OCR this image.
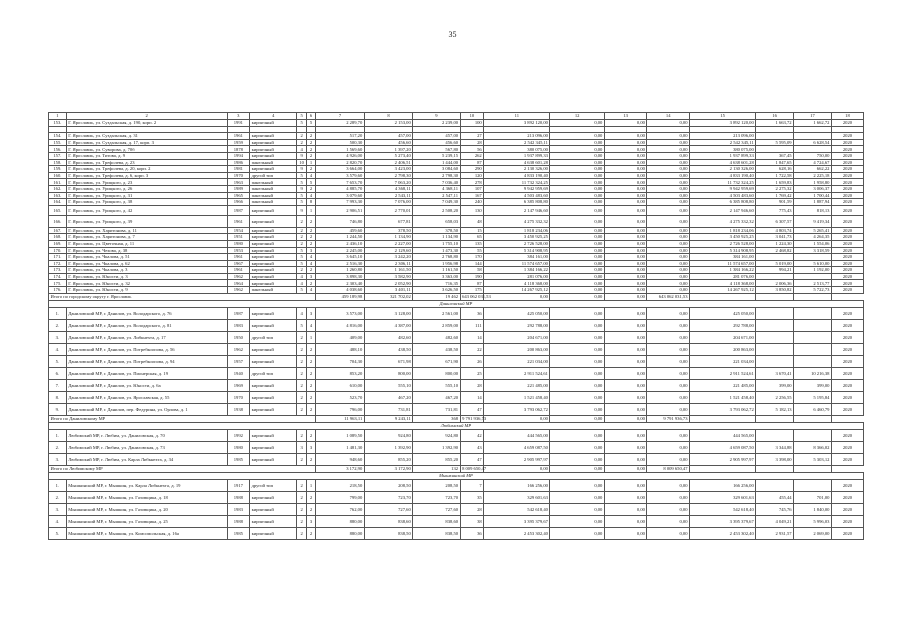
35
1	2	3	4	5	6	7	8	9	10	11	12	13	14	15	16	17	18
153.	Г. Ярославль, ул. Суздальская, д. 190, корп. 2	1991	кирпичный	5	5	2 289,70	2 153,00	2 239,00	100	3 892 120,00	0,00	0,00	0,00	3 892 120,00	1 663,72	1 662,72	2020

154.	Г. Ярославль, ул. Суздальская, д. 31	1961	кирпичный	2	2	517,20	457,00	457,00	27	213 096,00	0,00	0,00	0,00	213 096,00			2020
155.	Г. Ярославль, ул. Суздальская, д. 17, корп. 3	1959	кирпичный	2	2	500,30	456,60	456,60	28	2 542 345,11	0,00	0,00	0,00	2 542 345,11	5 595,09	6 628,54	2020
156.	Г. Ярославль, ул. Суворова, д. 70б	1878	кирпичный	4	2	1 569,60	1 397,20	567,80	56	380 075,00	0,00	0,00	0,00	380 075,00			2020
157.	Г. Ярославль, ул. Титова, д. 9	1994	кирпичный	9	2	4 926,00	5 273,40	5 239,15	262	1 937 899,33	0,00	0,00	0,00	1 937 899,33	367,45	750,00	2020
158.	Г. Ярославль, ул. Трефолева, д. 23	1986	панельный	10	1	2 820,70	2 406,51	1 444,00	87	4 638 601,28	0,00	0,00	0,00	4 638 601,28	1 847,65	4 724,67	2020
159.	Г. Ярославль, ул. Трефолева, д. 20, корп. 2	1981	кирпичный	9	2	3 664,00	3 423,00	3 084,60	290	2 130 326,00	0,00	0,00	0,00	2 130 326,00	628,16	662,22	2020
160.	Г. Ярославль, ул. Трефолева, д. 6, корп. 3	1970	другой тип	5	4	3 579,60	2 798,30	2 798,30	120	4 833 190,40	0,00	0,00	0,00	4 833 190,40	1 722,58	2 225,18	2020
161.	Г. Ярославль, ул. Урицкого, д. 23	1963	панельный	5	5	7 653,70	7 063,20	7 036,40	278	11 732 324,25	0,00	0,00	0,00	11 732 324,25	1 659,83	1 958,80	2020
162.	Г. Ярославль, ул. Урицкого, д. 26	1989	панельный	9	2	4 885,70	4 368,11	4 368,11	107	9 942 959,69	0,00	0,00	0,00	9 942 959,69	2 275,32	3 006,37	2020
163.	Г. Ярославль, ул. Урицкого, д. 31	1965	панельный	5	4	3 079,60	2 543,11	2 547,11	167	4 503 483,60	0,00	0,00	0,00	4 503 483,60	1 769,42	1 700,44	2020
164.	Г. Ярославль, ул. Урицкого, д. 38	1966	панельный	5	8	7 993,30	7 076,00	7 049,30	240	6 385 808,80	0,00	0,00	0,00	6 385 808,80	901,59	1 887,94	2020
165.	Г. Ярославль, ул. Урицкого, д. 42	1987	кирпичный	9	1	2 906,51	2 770,01	2 508,20	130	2 147 946,60	0,00	0,00	0,00	2 147 946,60	775,43	818,13	2020
166.	Г. Ярославль, ул. Урицкого, д. 39	1961	кирпичный	2	2	746,80	677,81	658,03	48	4 275 332,32	0,00	0,00	0,00	4 275 332,32	6 307,57	9 419,34	2020
167.	Г. Ярославль, ул. Харитонова, д. 11	1954	кирпичный	2	2	459,60	378,50	378,50	15	1 818 234,06	0,00	0,00	0,00	1 818 234,06	4 803,74	5 265,41	2020
168.	Г. Ярославль, ул. Харитонова, д. 7	1951	кирпичный	2	2	1 244,50	1 134,90	1 134,90	65	3 450 925,25	0,00	0,00	0,00	3 450 925,25	3 041,73	4 264,35	2020
169.	Г. Ярославль, ул. Цветочная, д. 11	1980	кирпичный	2	2	2 436,10	2 227,00	1 755,10	135	2 726 528,00	0,00	0,00	0,00	2 726 528,00	1 224,30	1 554,06	2020
170.	Г. Ярославль, ул. Чехова, д. 38	1953	кирпичный	5	3	2 245,00	2 129,60	1 473,30	55	5 314 908,95	0,00	0,00	0,00	5 314 908,95	2 468,82	3 318,59	2020
171.	Г. Ярославль, ул. Чкалова, д. 51	1961	кирпичный	5	4	3 645,10	3 242,20	2 768,80	170	384 161,00	0,00	0,00	0,00	384 161,00			2020
172.	Г. Ярославль, ул. Чкалова, д. 62	1967	кирпичный	5	4	2 516,30	2 306,11	1 956,98	144	11 574 657,00	0,00	0,00	0,00	11 574 657,00	5 019,00	5 610,00	2020
173.	Г. Ярославль, ул. Чкалова, д. 3	1961	кирпичный	2	2	1 260,80	1 161,50	1 161,50	58	1 384 166,22	0,00	0,00	0,00	1 384 166,22	994,21	1 192,00	2020
174.	Г. Ярославль, ул. Юности, д. 3	1962	кирпичный	4	3	3 898,30	3 582,90	3 363,00	190	281 076,00	0,00	0,00	0,00	281 076,00			2020
175.	Г. Ярославль, ул. Юности, д. 32	1964	кирпичный	4	2	2 303,40	2 052,90	716,35	87	4 118 368,00	0,00	0,00	0,00	4 118 368,00	2 006,36	2 513,77	2020
176.	Г. Ярославль, ул. Юности, д. 9	1962	панельный	5	4	4 038,60	3 401,11	3 626,50	175	14 267 925,12	0,00	0,00	0,00	14 267 925,12	3 850,82	5 722,73	2020
Итого по городскому округу г. Ярославль						459 189,98	321 702,02	19 462	643 062 031,53	0,00	0,00	0,00	643 062 031,53				
Даниловский МР																	
1.	Даниловский МР, г. Данилов, ул. Володарского, д. 76	1987	кирпичный	4	3	3 573,00	3 128,00	2 561,00	36	425 050,00	0,00	0,00	0,00	425 050,00			2020
2.	Даниловский МР, г. Данилов, ул. Володарского, д. 81	1983	кирпичный	5	4	4 816,00	4 387,00	2 859,00	111	292 788,00	0,00	0,00	0,00	292 788,00			2020
3.	Даниловский МР, г. Данилов, ул. Либкнехта, д. 17	1950	другой тип	2	1	409,00	482,60	482,60	14	204 671,00	0,00	0,00	0,00	204 671,00			2020
4.	Даниловский МР, г. Данилов, ул. Потребкоопова, д. 56	1962	кирпичный	2	2	488,10	438,50	438,50	22	200 863,00	0,00	0,00	0,00	200 863,00			2020
5.	Даниловский МР, г. Данилов, ул. Потребкоопова, д. 94	1957	кирпичный	2	2	704,30	671,98	671,90	26	221 034,00	0,00	0,00	0,00	221 034,00			2020
6.	Даниловский МР, г. Данилов, ул. Пионерская, д. 19	1940	другой тип	2	2	853,20	800,00	800,00	25	2 911 524,61	0,00	0,00	0,00	2 911 524,61	3 670,41	10 216,38	2020
7.	Даниловский МР, г. Данилов, ул. Юности, д. 6а	1969	кирпичный	2	2	610,00	555,10	555,10	28	221 485,00	0,00	0,00	0,00	221 485,00	399,00	399,00	2020
8.	Даниловский МР, г. Данилов, ул. Ярославская, д. 55	1970	кирпичный	2	2	523,70	467,20	467,20	14	1 521 458,40	0,00	0,00	0,00	1 521 458,40	2 256,55	5 195,84	2020
9.	Даниловский МР, г. Данилов, пер. Федурина, ул. Орлова, д. 1	1938	кирпичный	2	2	796,00	731,81	731,81	47	3 793 062,72	0,00	0,00	0,00	3 793 062,72	5 182,13	6 460,79	2020
Итого по Даниловскому МР						11 963,11	9 243,11	368	9 791 936,73	0,00	0,00	0,00	9 791 936,73				
Любимский МР																	
1.	Любимский МР, г. Любим, ул. Даниловская, д. 70	1992	кирпичный	2	2	1 089,50	924,80	924,80	42	444 565,00	0,00	0,00	0,00	444 565,00			2020
2.	Любимский МР, г. Любим, ул. Даниловская, д. 73	1980	кирпичный	3	3	1 481,30	1 392,90	1 392,90	43	4 659 087,50	0,00	0,00	0,00	4 659 087,50	3 344,88	8 366,02	2020
3.	Любимский МР, г. Любим, ул. Карла Либкнехта, д. 34	1985	кирпичный	2	2	948,60	855,20	855,20	47	2 905 997,97	0,00	0,00	0,00	2 905 997,97	3 398,00	5 303,12	2020
Итого по Любимскому МР						3 172,90	3 172,90	132	8 009 650,47	0,00	0,00	0,00	8 009 650,47				
Мышкинский МР																	
1.	Мышкинский МР, г. Мышкин, ул. Карла Либкнехта, д. 19	1917	другой тип	2	1	218,50	208,50	208,50	7	166 256,00	0,00	0,00	0,00	166 256,00			2020
2.	Мышкинский МР, г. Мышкин, ул. Газовщика, д. 18	1988	кирпичный	2	2	799,00	723,70	723,70	35	329 601,63	0,00	0,00	0,00	329 601,63	455,44	701,00	2020
3.	Мышкинский МР, г. Мышкин, ул. Газовщика, д. 20	1983	кирпичный	2	2	762,00	727,60	727,60	28	542 618,40	0,00	0,00	0,00	542 618,40	745,76	1 840,00	2020
4.	Мышкинский МР, г. Мышкин, ул. Газовщика, д. 25	1988	кирпичный	2	3	880,00	838,60	838,60	38	3 395 379,67	0,00	0,00	0,00	3 395 379,67	4 049,21	5 996,03	2020
5.	Мышкинский МР, г. Мышкин, ул. Комсомольская, д. 16а	1985	кирпичный	2	2	880,00	838,50	838,50	36	2 453 302,40	0,00	0,00	0,00	2 453 302,40	2 931,57	2 069,00	2020
